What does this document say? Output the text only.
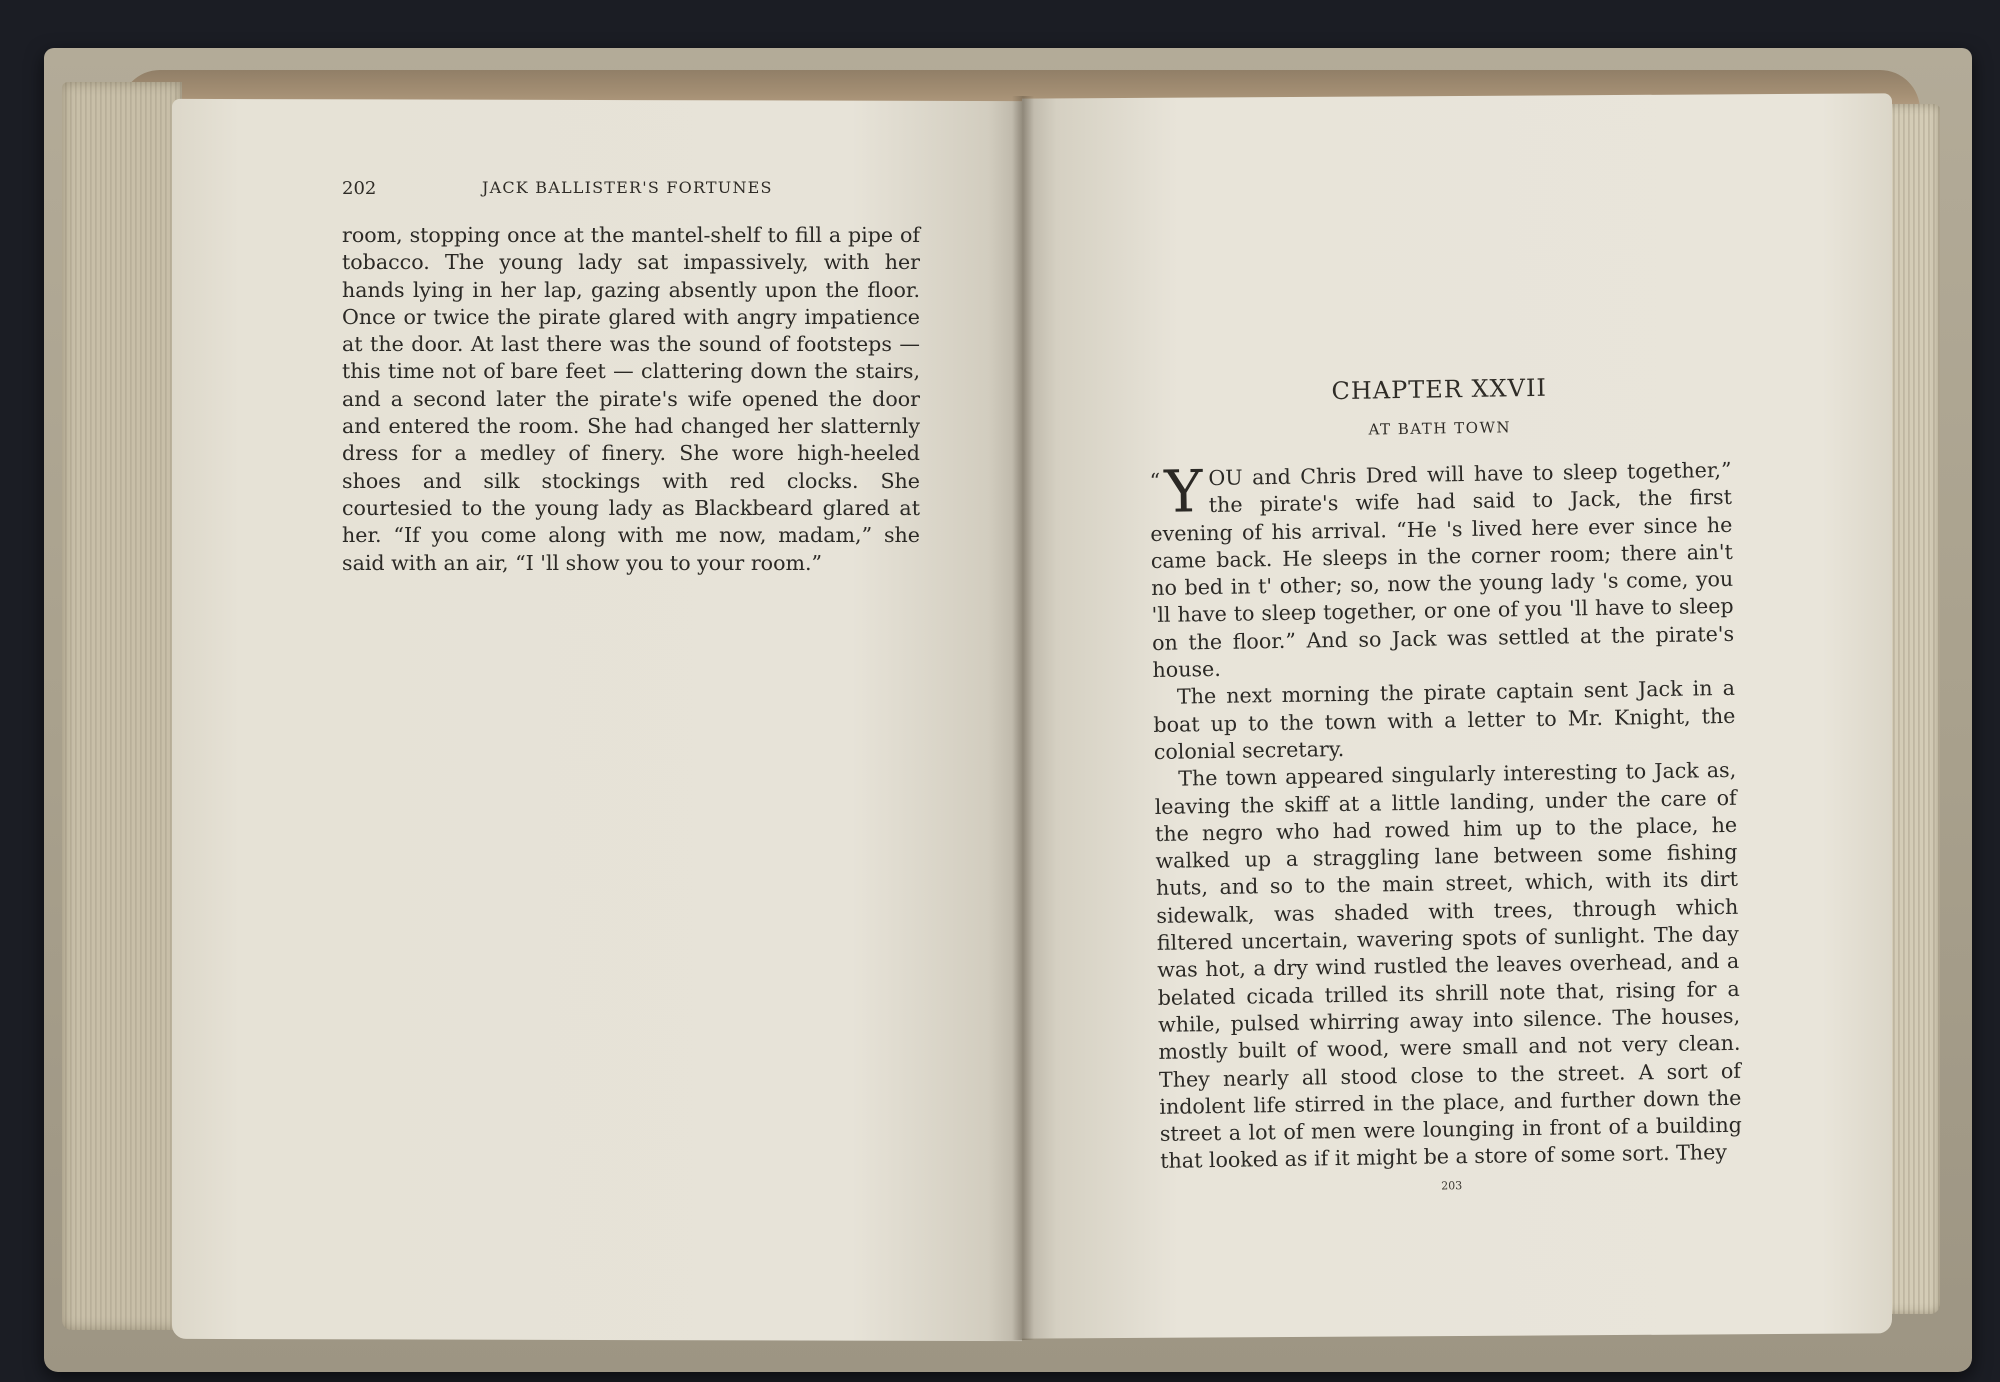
202	JACK BALLISTER'S FORTUNES
room, stopping once at the mantel-shelf to fill a pipe of tobacco. The young lady sat impassively, with her hands lying in her lap, gazing absently upon the floor. Once or twice the pirate glared with angry impatience at the door. At last there was the sound of footsteps — this time not of bare feet — clattering down the stairs, and a second later the pirate's wife opened the door and entered the room. She had changed her slatternly dress for a medley of finery. She wore high-heeled shoes and silk stockings with red clocks. She courtesied to the young lady as Blackbeard glared at her. “If you come along with me now, madam,” she said with an air, “I 'll show you to your room.”
CHAPTER XXVII
AT BATH TOWN

“ Y OU and Chris Dred will have to sleep together,” the pirate's wife had said to Jack, the first evening of his arrival. “He 's lived here ever since he came back. He sleeps in the corner room; there ain't no bed in t' other; so, now the young lady 's come, you 'll have to sleep together, or one of you 'll have to sleep on the floor.” And so Jack was settled at the pirate's house.

The next morning the pirate captain sent Jack in a boat up to the town with a letter to Mr. Knight, the colonial secretary.

The town appeared singularly interesting to Jack as, leaving the skiff at a little landing, under the care of the negro who had rowed him up to the place, he walked up a straggling lane between some fishing huts, and so to the main street, which, with its dirt sidewalk, was shaded with trees, through which filtered uncertain, wavering spots of sunlight. The day was hot, a dry wind rustled the leaves overhead, and a belated cicada trilled its shrill note that, rising for a while, pulsed whirring away into silence. The houses, mostly built of wood, were small and not very clean. They nearly all stood close to the street. A sort of indolent life stirred in the place, and further down the street a lot of men were lounging in front of a building that looked as if it might be a store of some sort. They

203
